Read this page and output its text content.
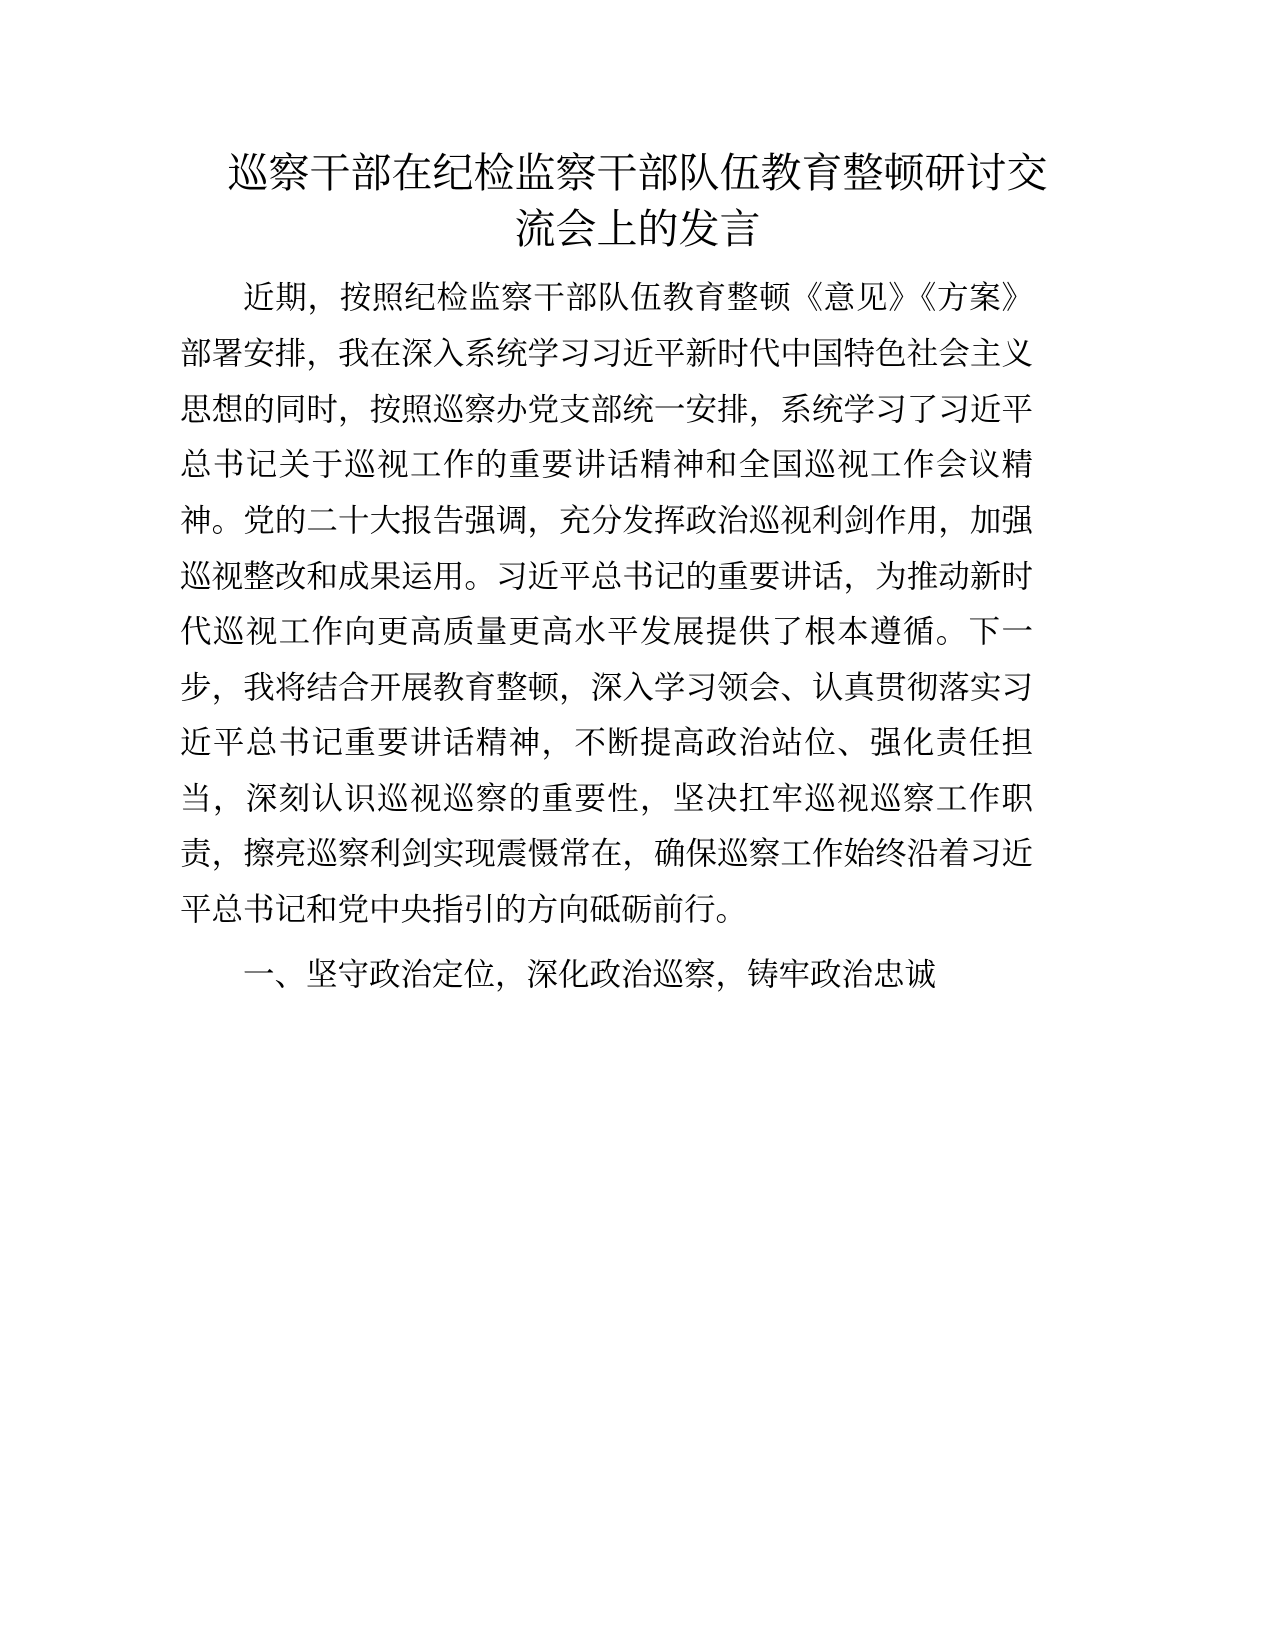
巡察干部在纪检监察干部队伍教育整顿研讨交
流会上的发言
近期，按照纪检监察干部队伍教育整顿《意见》《方案》
部署安排，我在深入系统学习习近平新时代中国特色社会主义
思想的同时，按照巡察办党支部统一安排，系统学习了习近平
总书记关于巡视工作的重要讲话精神和全国巡视工作会议精
神。党的二十大报告强调，充分发挥政治巡视利剑作用，加强
巡视整改和成果运用。习近平总书记的重要讲话，为推动新时
代巡视工作向更高质量更高水平发展提供了根本遵循。下一
步，我将结合开展教育整顿，深入学习领会、认真贯彻落实习
近平总书记重要讲话精神，不断提高政治站位、强化责任担
当，深刻认识巡视巡察的重要性，坚决扛牢巡视巡察工作职
责，擦亮巡察利剑实现震慑常在，确保巡察工作始终沿着习近
平总书记和党中央指引的方向砥砺前行。
一、坚守政治定位，深化政治巡察，铸牢政治忠诚
